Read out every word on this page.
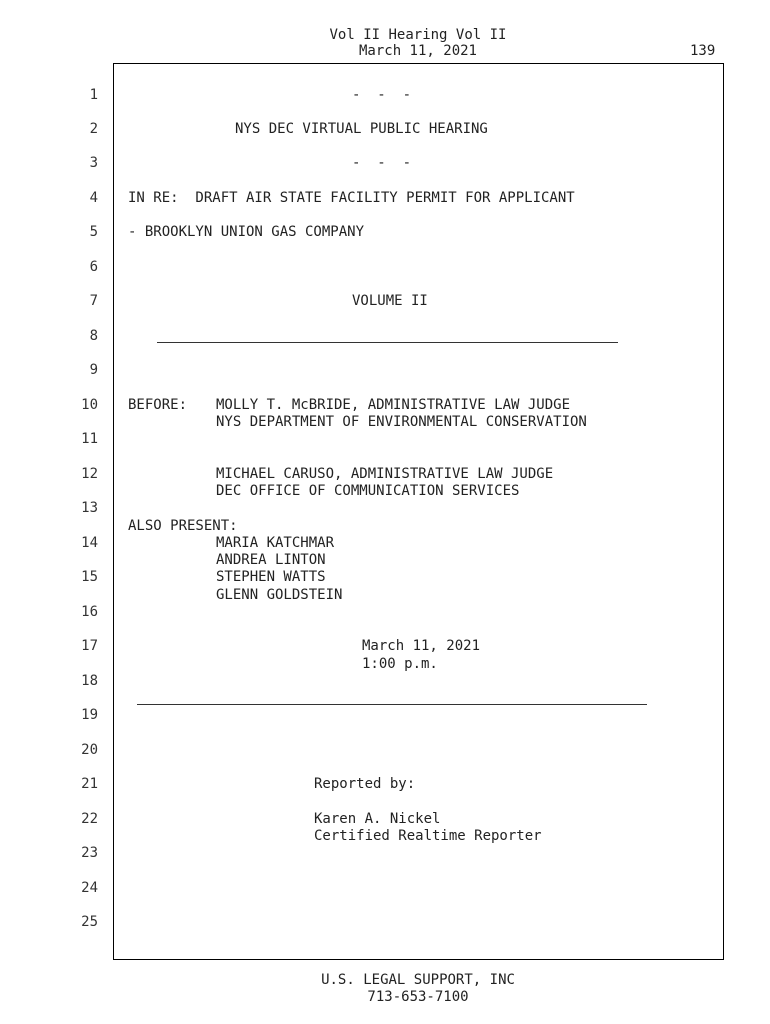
Vol II Hearing Vol II
March 11, 2021	139
1
2
3
4
5
6
7
8
9
10
11
12
13
14
15
16
17
18
19
20
21
22
23
24
25
-  -  -
NYS DEC VIRTUAL PUBLIC HEARING
-  -  -
IN RE:  DRAFT AIR STATE FACILITY PERMIT FOR APPLICANT
- BROOKLYN UNION GAS COMPANY
VOLUME II
BEFORE: MOLLY T. McBRIDE, ADMINISTRATIVE LAW JUDGE
NYS DEPARTMENT OF ENVIRONMENTAL CONSERVATION
MICHAEL CARUSO, ADMINISTRATIVE LAW JUDGE
DEC OFFICE OF COMMUNICATION SERVICES
ALSO PRESENT:
MARIA KATCHMAR
ANDREA LINTON
STEPHEN WATTS
GLENN GOLDSTEIN
March 11, 2021
1:00 p.m.
Reported by:
Karen A. Nickel
Certified Realtime Reporter
U.S. LEGAL SUPPORT, INC
713-653-7100
